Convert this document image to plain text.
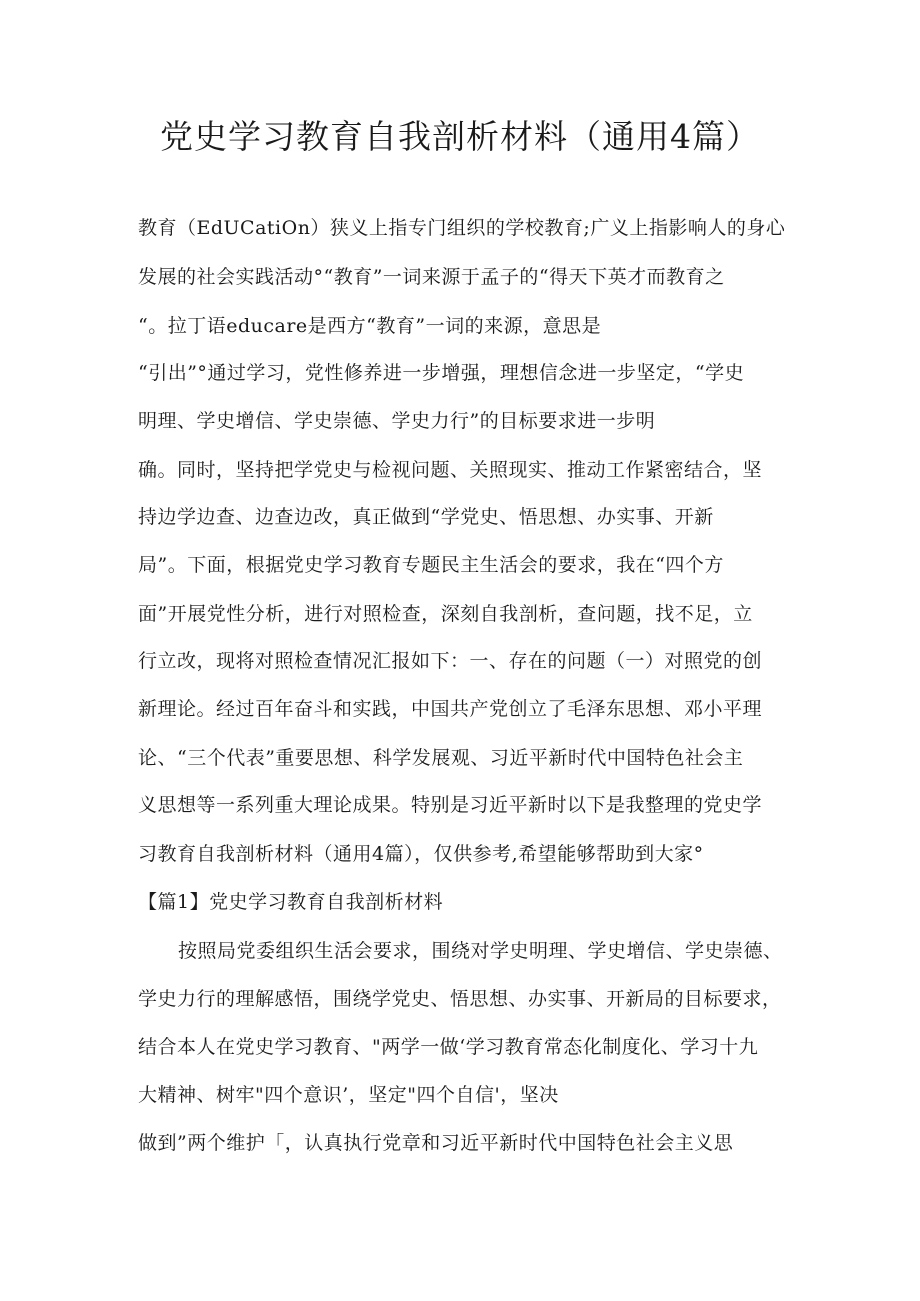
党史学习教育自我剖析材料（通用4篇）
教育（EdUCatiOn）狭义上指专门组织的学校教育;广义上指影响人的身心
发展的社会实践活动°“教育”一词来源于孟子的“得天下英才而教育之
“。拉丁语educare是西方“教育”一词的来源，意思是
“引出”°通过学习，党性修养进一步增强，理想信念进一步坚定，“学史
明理、学史增信、学史崇德、学史力行”的目标要求进一步明
确。同时，坚持把学党史与检视问题、关照现实、推动工作紧密结合，坚
持边学边查、边查边改，真正做到“学党史、悟思想、办实事、开新
局”。下面，根据党史学习教育专题民主生活会的要求，我在“四个方
面”开展党性分析，进行对照检查，深刻自我剖析，查问题，找不足，立
行立改，现将对照检查情况汇报如下：一、存在的问题（一）对照党的创
新理论。经过百年奋斗和实践，中国共产党创立了毛泽东思想、邓小平理
论、“三个代表”重要思想、科学发展观、习近平新时代中国特色社会主
义思想等一系列重大理论成果。特别是习近平新时以下是我整理的党史学
习教育自我剖析材料（通用4篇），仅供参考,希望能够帮助到大家°
【篇1】党史学习教育自我剖析材料
按照局党委组织生活会要求，围绕对学史明理、学史增信、学史崇德、
学史力行的理解感悟，围绕学党史、悟思想、办实事、开新局的目标要求，
结合本人在党史学习教育、"两学一做‘学习教育常态化制度化、学习十九
大精神、树牢"四个意识’，坚定"四个自信'，坚决
做到”两个维护「，认真执行党章和习近平新时代中国特色社会主义思
